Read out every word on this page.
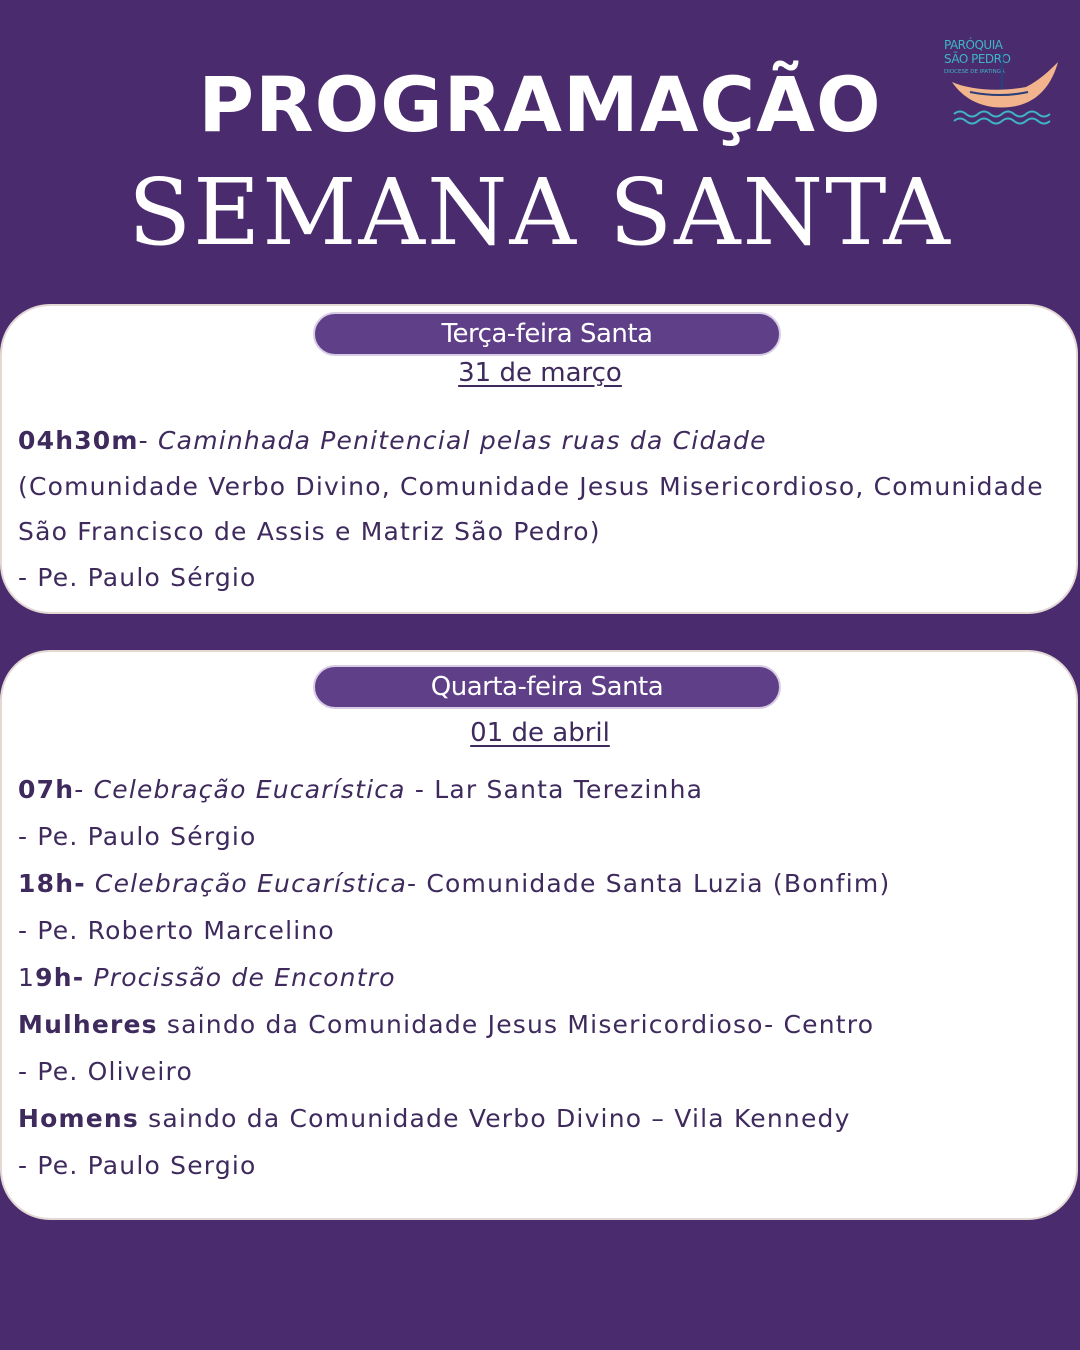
PROGRAMAÇÃO
SEMANA SANTA
PARÓQUIA
SÃO PEDRO
DIOCESE DE IPATINGA
Terça-feira Santa
31 de março
04h30m- Caminhada Penitencial pelas ruas da Cidade
(Comunidade Verbo Divino, Comunidade Jesus Misericordioso, Comunidade
São Francisco de Assis e Matriz São Pedro)
- Pe. Paulo Sérgio
Quarta-feira Santa
01 de abril
07h- Celebração Eucarística - Lar Santa Terezinha
- Pe. Paulo Sérgio
18h- Celebração Eucarística- Comunidade Santa Luzia (Bonfim)
- Pe. Roberto Marcelino
19h- Procissão de Encontro
Mulheres saindo da Comunidade Jesus Misericordioso- Centro
- Pe. Oliveiro
Homens saindo da Comunidade Verbo Divino – Vila Kennedy
- Pe. Paulo Sergio
